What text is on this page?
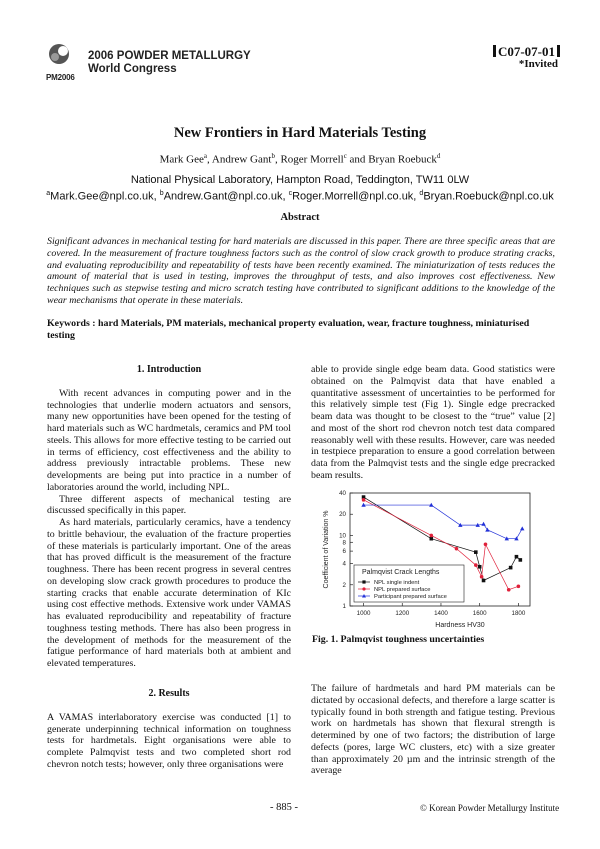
PM2006
2006 POWDER METALLURGY
World Congress
C07-07-01
*Invited
New Frontiers in Hard Materials Testing
Mark Gee$^a$, Andrew Gant$^b$, Roger Morrell$^c$ and Bryan Roebuck$^d$
National Physical Laboratory, Hampton Road, Teddington, TW11 0LW
$^a$Mark.Gee@npl.co.uk, $^b$Andrew.Gant@npl.co.uk, $^c$Roger.Morrell@npl.co.uk, $^d$Bryan.Roebuck@npl.co.uk
Abstract
Significant advances in mechanical testing for hard materials are discussed in this paper. There are three specific areas that are covered. In the measurement of fracture toughness factors such as the control of slow crack growth to produce strating cracks, and evaluating reproducibility and repeatability of tests have been recently examined. The miniaturization of tests reduces the amount of material that is used in testing, improves the throughput of tests, and also improves cost effectiveness. New techniques such as stepwise testing and micro scratch testing have contributed to significant additions to the knowledge of the wear mechanisms that operate in these materials.
Keywords : hard Materials, PM materials, mechanical property evaluation, wear, fracture toughness, miniaturised testing
1. Introduction

With recent advances in computing power and in the technologies that underlie modern actuators and sensors, many new opportunities have been opened for the testing of hard materials such as WC hardmetals, ceramics and PM tool steels. This allows for more effective testing to be carried out in terms of efficiency, cost effectiveness and the ability to address previously intractable problems. These new developments are being put into practice in a number of laboratories around the world, including NPL.

Three different aspects of mechanical testing are discussed specifically in this paper.

As hard materials, particularly ceramics, have a tendency to brittle behaviour, the evaluation of the fracture properties of these materials is particularly important. One of the areas that has proved difficult is the measurement of the fracture toughness. There has been recent progress in several centres on developing slow crack growth procedures to produce the starting cracks that enable accurate determination of KIc using cost effective methods. Extensive work under VAMAS has evaluated reproducibility and repeatability of fracture toughness testing methods. There has also been progress in the development of methods for the measurement of the fatigue performance of hard materials both at ambient and elevated temperatures.

2. Results

A VAMAS interlaboratory exercise was conducted [1] to generate underpinning technical information on toughness tests for hardmetals. Eight organisations were able to complete Palmqvist tests and two completed short rod chevron notch tests; however, only three organisations were

able to provide single edge beam data. Good statistics were obtained on the Palmqvist data that have enabled a quantitative assessment of uncertainties to be performed for this relatively simple test (Fig 1). Single edge precracked beam data was thought to be closest to the “true” value [2] and most of the short rod chevron notch test data compared reasonably well with these results. However, care was needed in testpiece preparation to ensure a good correlation between data from the Palmqvist tests and the single edge precracked beam results.

1000	1200	1400	1600	1800
1
2
4
6
8
10
20
40
Hardness HV30
Coefficient of Variation %	Palmqvist Crack Lengths
NPL single indent
NPL prepared surface
Participant prepared surface
Fig. 1. Palmqvist toughness uncertainties

The failure of hardmetals and hard PM materials can be dictated by occasional defects, and therefore a large scatter is typically found in both strength and fatigue testing. Previous work on hardmetals has shown that flexural strength is determined by one of two factors; the distribution of large defects (pores, large WC clusters, etc) with a size greater than approximately 20 µm and the intrinsic strength of the average

- 885 -	© Korean Powder Metallurgy Institute
